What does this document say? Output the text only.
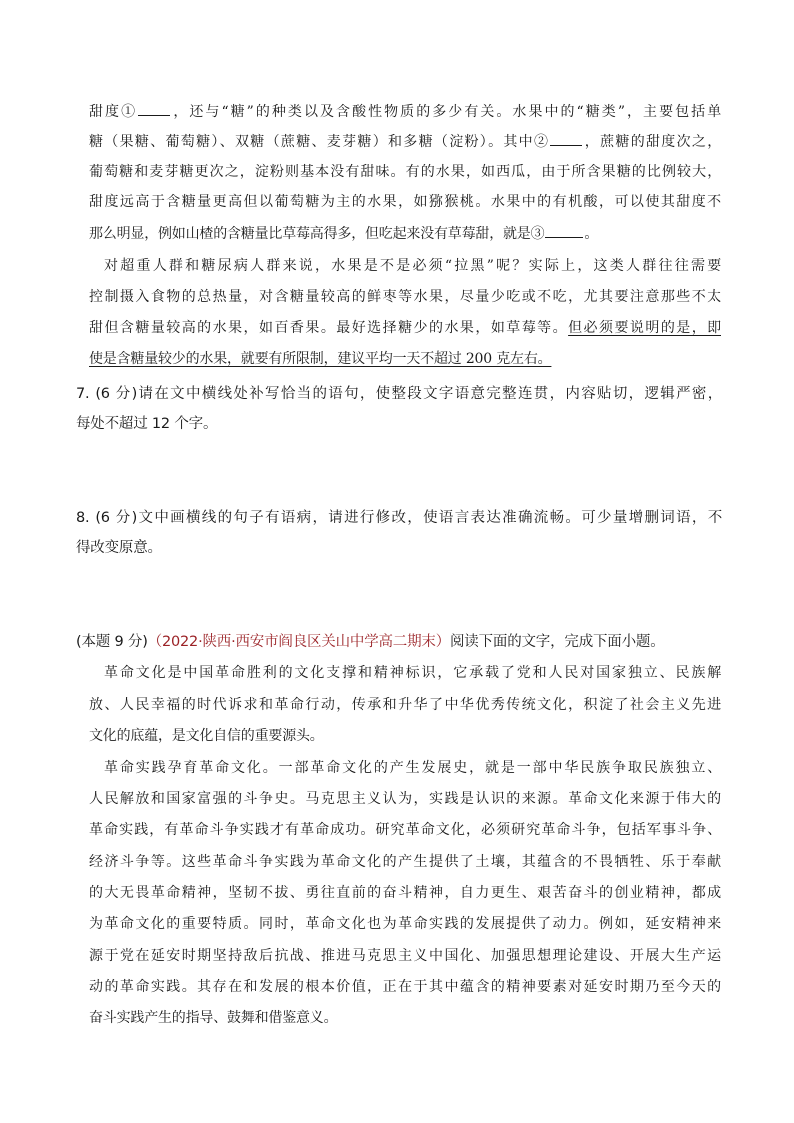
甜度① ，还与“糖”的种类以及含酸性物质的多少有关。水果中的“糖类”，主要包括单

糖（果糖、葡萄糖）、双糖（蔗糖、麦芽糖）和多糖（淀粉）。其中② ，蔗糖的甜度次之，

葡萄糖和麦芽糖更次之，淀粉则基本没有甜味。有的水果，如西瓜，由于所含果糖的比例较大，

甜度远高于含糖量更高但以葡萄糖为主的水果，如猕猴桃。水果中的有机酸，可以使其甜度不

那么明显，例如山楂的含糖量比草莓高得多，但吃起来没有草莓甜，就是③	。

对超重人群和糖尿病人群来说，水果是不是必须“拉黑”呢？实际上，这类人群往往需要

控制摄入食物的总热量，对含糖量较高的鲜枣等水果，尽量少吃或不吃，尤其要注意那些不太

甜但含糖量较高的水果，如百香果。最好选择糖少的水果，如草莓等。但必须要说明的是，即

使是含糖量较少的水果，就要有所限制，建议平均一天不超过 200 克左右。

7. (6 分)请在文中横线处补写恰当的语句，使整段文字语意完整连贯，内容贴切，逻辑严密，

每处不超过 12 个字。

8. (6 分)文中画横线的句子有语病，请进行修改，使语言表达准确流畅。可少量增删词语，不

得改变原意。

(本题 9 分)（2022·陕西·西安市阎良区关山中学高二期末）阅读下面的文字，完成下面小题。

革命文化是中国革命胜利的文化支撑和精神标识，它承载了党和人民对国家独立、民族解

放、人民幸福的时代诉求和革命行动，传承和升华了中华优秀传统文化，积淀了社会主义先进

文化的底蕴，是文化自信的重要源头。

革命实践孕育革命文化。一部革命文化的产生发展史，就是一部中华民族争取民族独立、

人民解放和国家富强的斗争史。马克思主义认为，实践是认识的来源。革命文化来源于伟大的

革命实践，有革命斗争实践才有革命成功。研究革命文化，必须研究革命斗争，包括军事斗争、

经济斗争等。这些革命斗争实践为革命文化的产生提供了土壤，其蕴含的不畏牺牲、乐于奉献

的大无畏革命精神，坚韧不拔、勇往直前的奋斗精神，自力更生、艰苦奋斗的创业精神，都成

为革命文化的重要特质。同时，革命文化也为革命实践的发展提供了动力。例如，延安精神来

源于党在延安时期坚持敌后抗战、推进马克思主义中国化、加强思想理论建设、开展大生产运

动的革命实践。其存在和发展的根本价值，正在于其中蕴含的精神要素对延安时期乃至今天的

奋斗实践产生的指导、鼓舞和借鉴意义。
